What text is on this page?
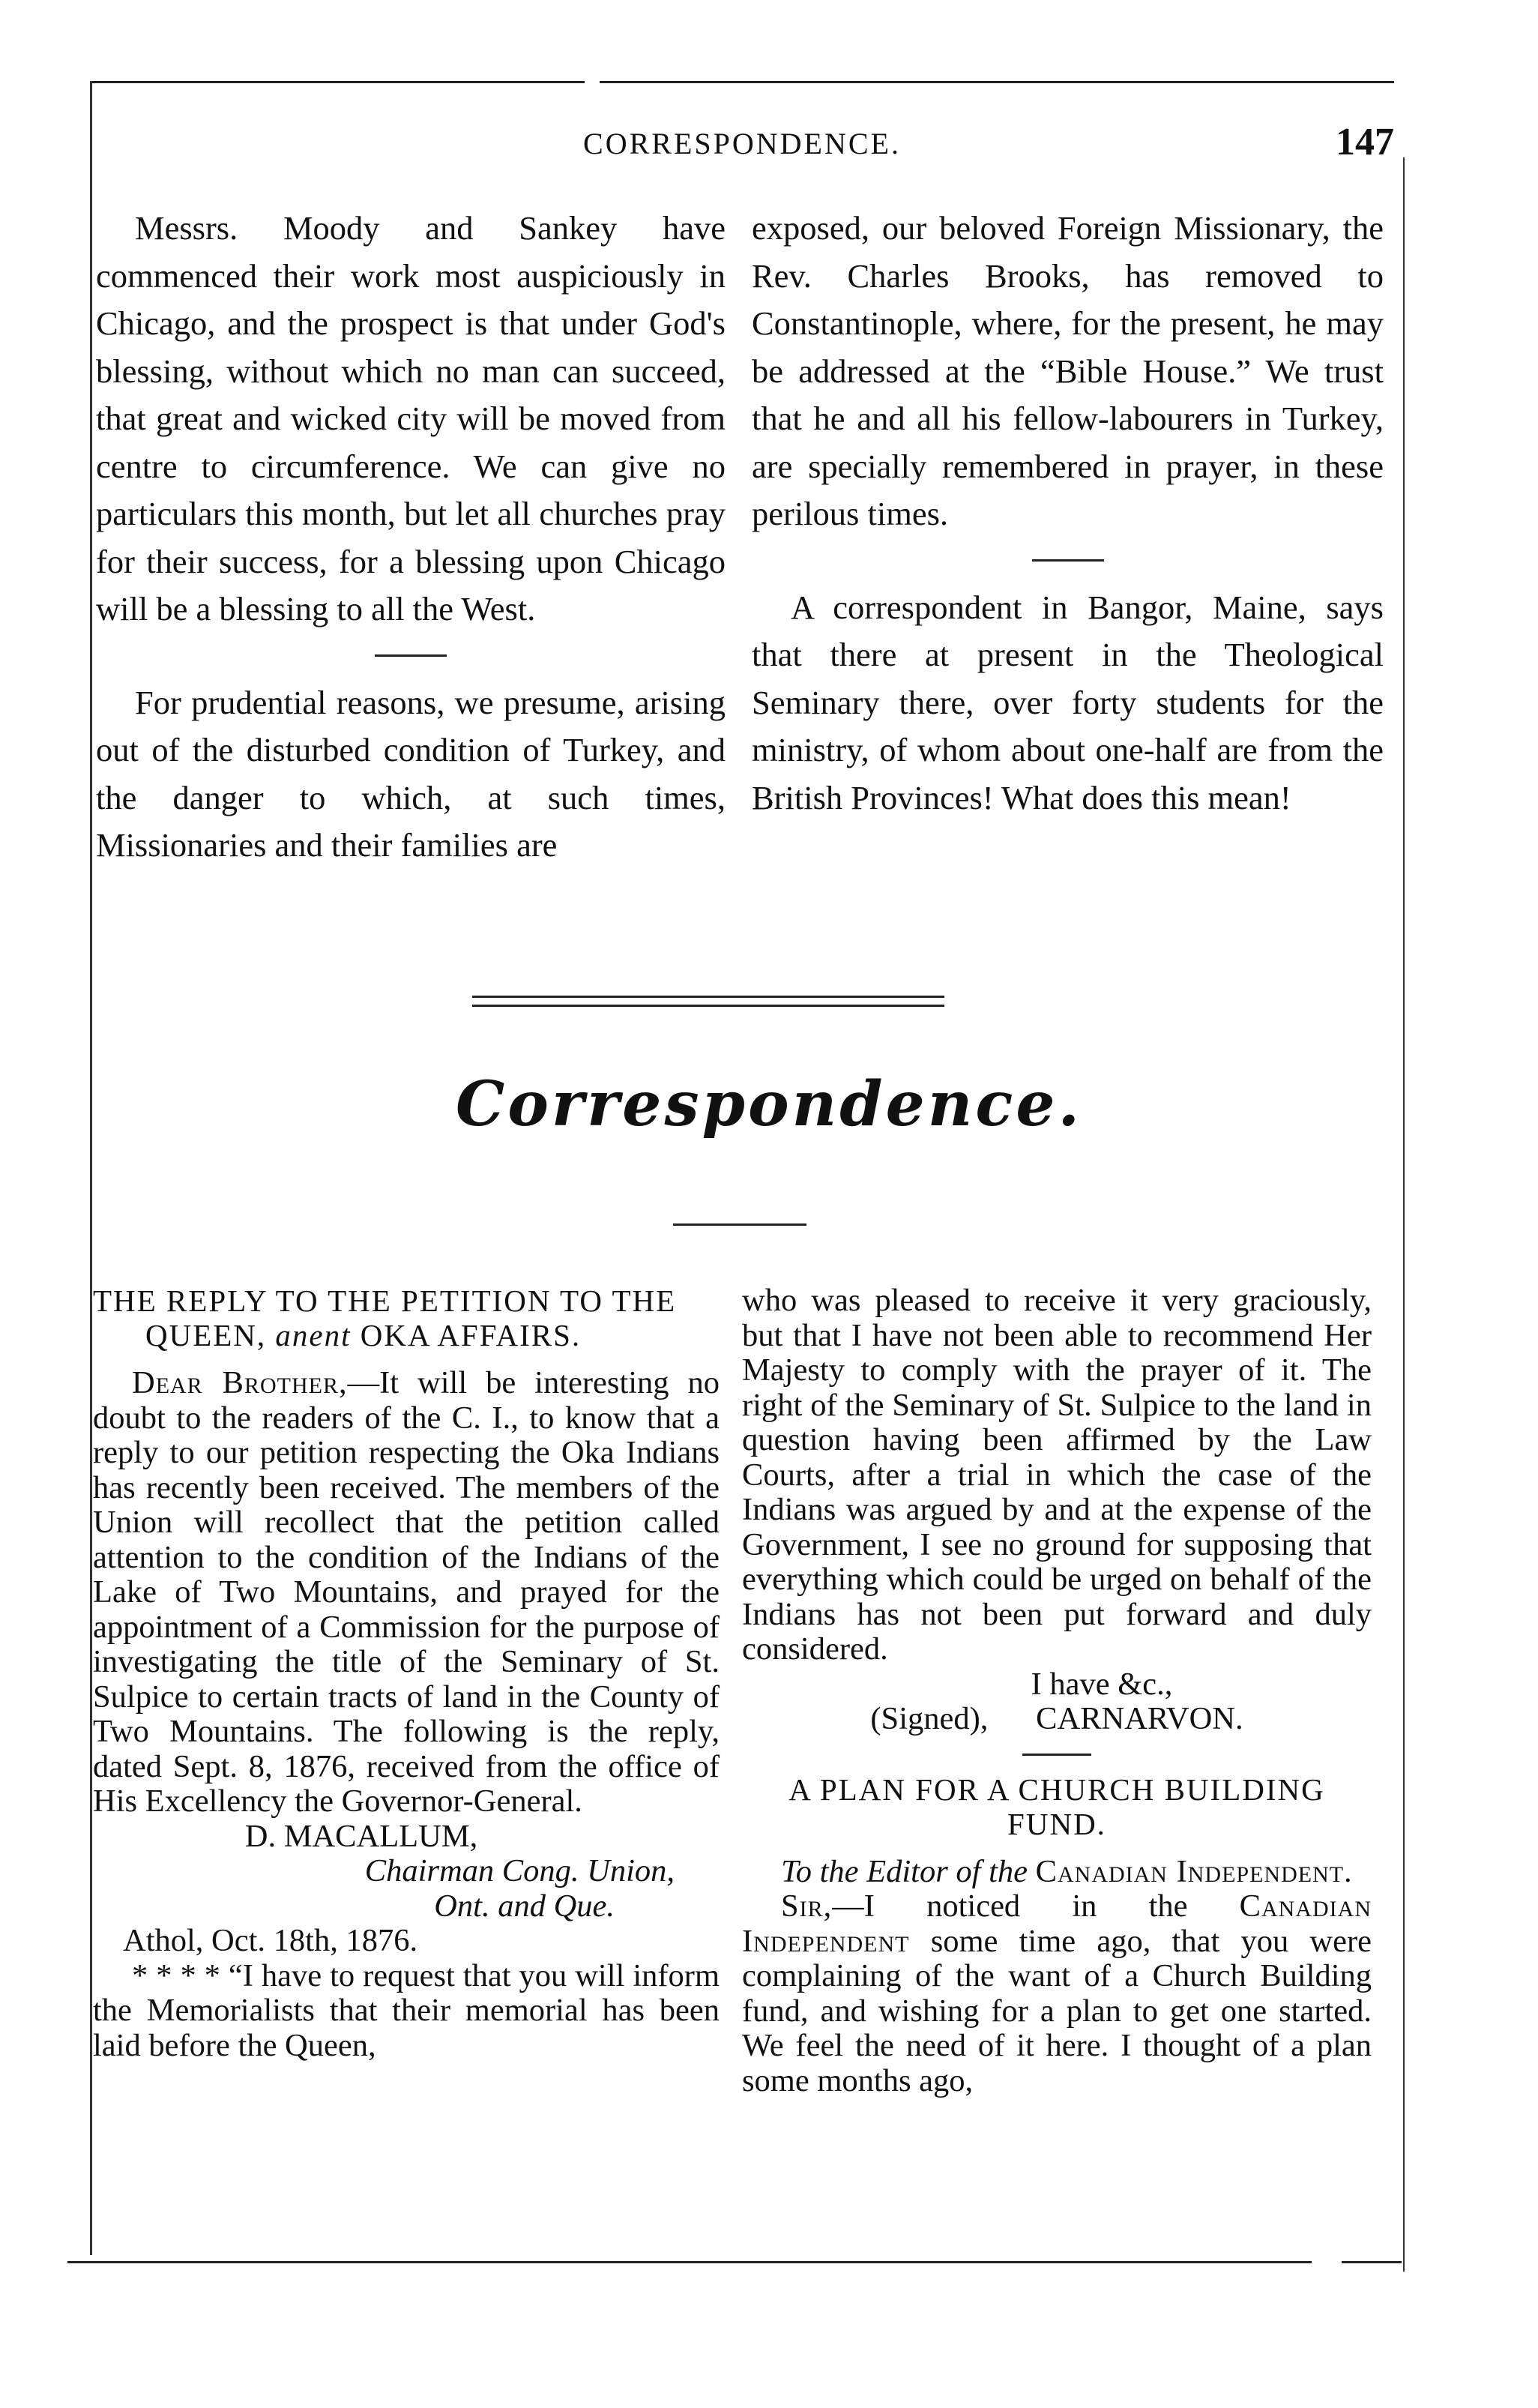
CORRESPONDENCE.	147

Messrs. Moody and Sankey have commenced their work most auspiciously in Chicago, and the prospect is that under God's blessing, without which no man can succeed, that great and wicked city will be moved from centre to circumference. We can give no particulars this month, but let all churches pray for their success, for a blessing upon Chicago will be a blessing to all the West.

For prudential reasons, we presume, arising out of the disturbed condition of Turkey, and the danger to which, at such times, Missionaries and their families are

exposed, our beloved Foreign Missionary, the Rev. Charles Brooks, has removed to Constantinople, where, for the present, he may be addressed at the “Bible House.” We trust that he and all his fellow-labourers in Turkey, are specially remembered in prayer, in these perilous times.

A correspondent in Bangor, Maine, says that there at present in the Theological Seminary there, over forty students for the ministry, of whom about one-half are from the British Provinces! What does this mean!

Correspondence.

THE REPLY TO THE PETITION TO THE QUEEN, anent OKA AFFAIRS.

Dear Brother,—It will be interesting no doubt to the readers of the C. I., to know that a reply to our petition respecting the Oka Indians has recently been received. The members of the Union will recollect that the petition called attention to the condition of the Indians of the Lake of Two Mountains, and prayed for the appointment of a Commission for the purpose of investigating the title of the Seminary of St. Sulpice to certain tracts of land in the County of Two Mountains. The following is the reply, dated Sept. 8, 1876, received from the office of His Excellency the Governor-General.

D. MACALLUM,

Chairman Cong. Union,

Ont. and Que.

Athol, Oct. 18th, 1876.

* * * * “I have to request that you will inform the Memorialists that their memorial has been laid before the Queen,

who was pleased to receive it very graciously, but that I have not been able to recommend Her Majesty to comply with the prayer of it. The right of the Seminary of St. Sulpice to the land in question having been affirmed by the Law Courts, after a trial in which the case of the Indians was argued by and at the expense of the Government, I see no ground for supposing that everything which could be urged on behalf of the Indians has not been put forward and duly considered.

I have &c.,

(Signed), CARNARVON.

A PLAN FOR A CHURCH BUILDING FUND.

To the Editor of the Canadian Independent.

Sir,—I noticed in the Canadian Independent some time ago, that you were complaining of the want of a Church Building fund, and wishing for a plan to get one started. We feel the need of it here. I thought of a plan some months ago,
